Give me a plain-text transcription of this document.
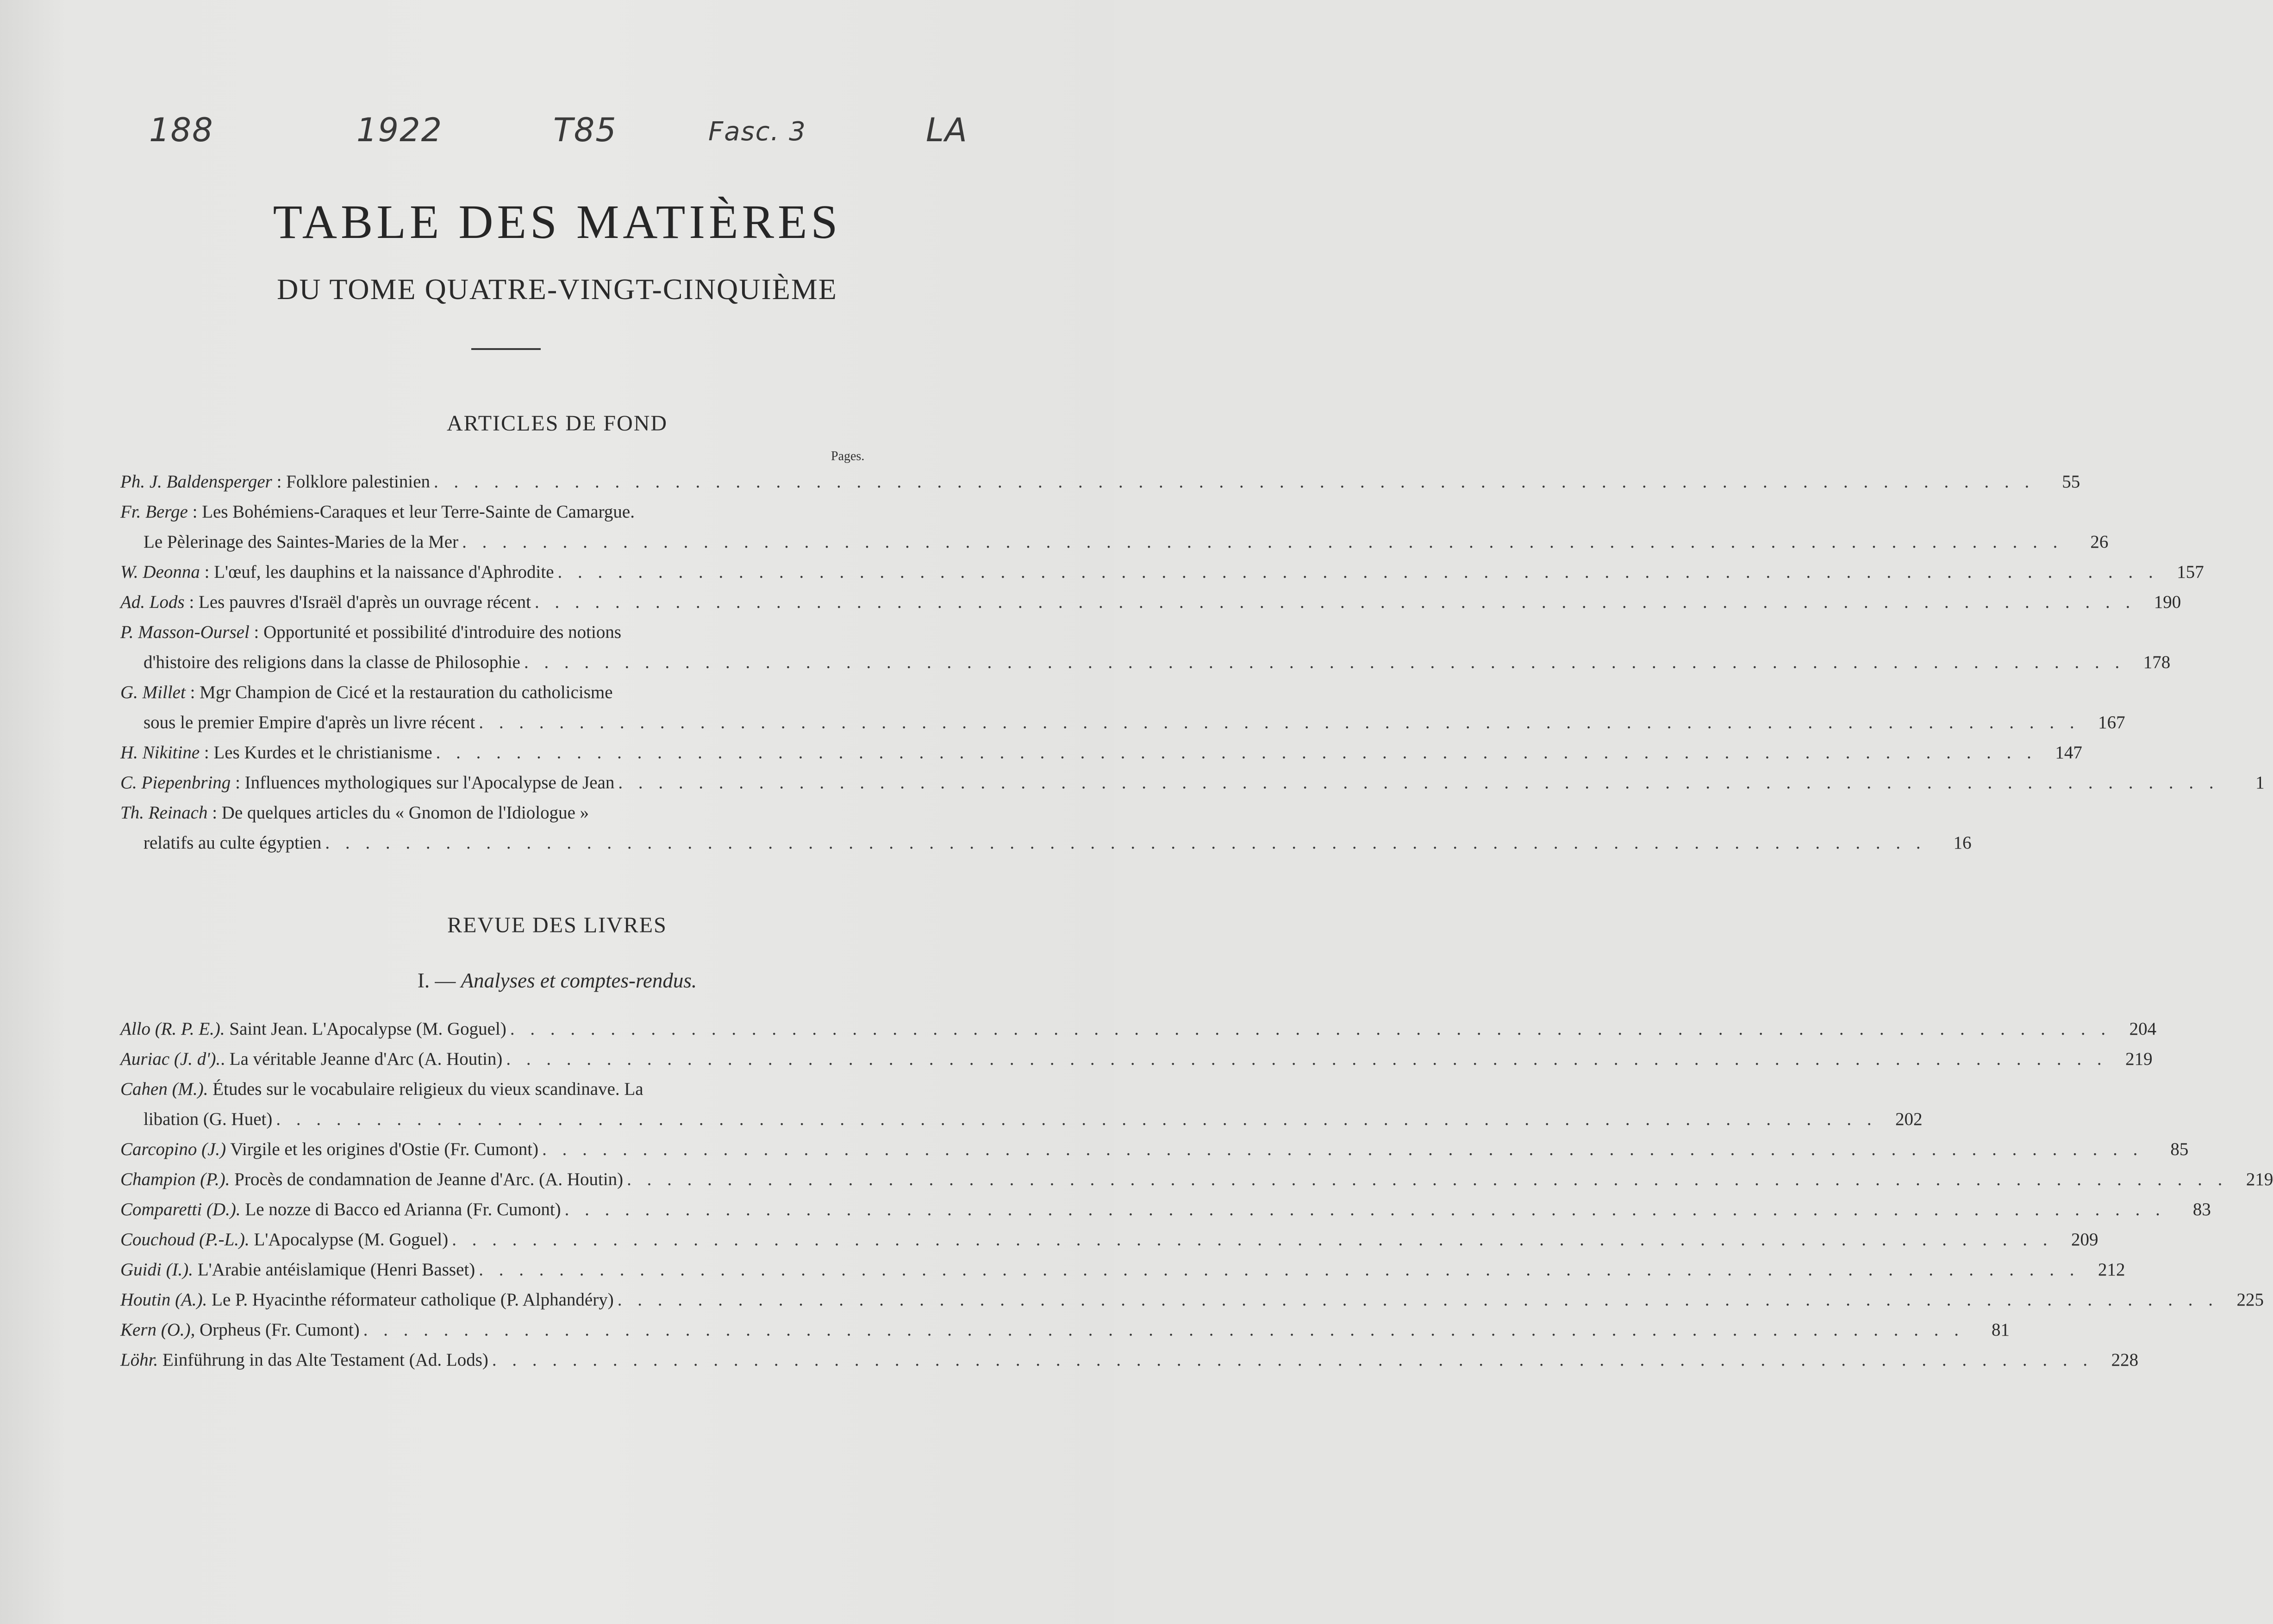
188	1922	T85	Fasc. 3	LA
TABLE DES MATIÈRES
DU TOME QUATRE-VINGT-CINQUIÈME
ARTICLES DE FOND
Pages.
Ph. J. Baldensperger : Folklore palestinien . . . . . . . . . . . . . . . . . . . . . . . . . . . . . . . . . . . . . . . . . . . . . . . . . . . . . . . . . . . . . . . . . . . . . . . . . . . . . . . .	55
Fr. Berge : Les Bohémiens-Caraques et leur Terre-Sainte de Camargue.
Le Pèlerinage des Saintes-Maries de la Mer . . . . . . . . . . . . . . . . . . . . . . . . . . . . . . . . . . . . . . . . . . . . . . . . . . . . . . . . . . . . . . . . . . . . . . . . . . . . . . . .	26
W. Deonna : L'œuf, les dauphins et la naissance d'Aphrodite . . . . . . . . . . . . . . . . . . . . . . . . . . . . . . . . . . . . . . . . . . . . . . . . . . . . . . . . . . . . . . . . . . . . . . . . . . . . . . . .	157
Ad. Lods : Les pauvres d'Israël d'après un ouvrage récent . . . . . . . . . . . . . . . . . . . . . . . . . . . . . . . . . . . . . . . . . . . . . . . . . . . . . . . . . . . . . . . . . . . . . . . . . . . . . . . .	190
P. Masson-Oursel : Opportunité et possibilité d'introduire des notions
d'histoire des religions dans la classe de Philosophie . . . . . . . . . . . . . . . . . . . . . . . . . . . . . . . . . . . . . . . . . . . . . . . . . . . . . . . . . . . . . . . . . . . . . . . . . . . . . . . .	178
G. Millet : Mgr Champion de Cicé et la restauration du catholicisme
sous le premier Empire d'après un livre récent . . . . . . . . . . . . . . . . . . . . . . . . . . . . . . . . . . . . . . . . . . . . . . . . . . . . . . . . . . . . . . . . . . . . . . . . . . . . . . . .	167
H. Nikitine : Les Kurdes et le christianisme . . . . . . . . . . . . . . . . . . . . . . . . . . . . . . . . . . . . . . . . . . . . . . . . . . . . . . . . . . . . . . . . . . . . . . . . . . . . . . . .	147
C. Piepenbring : Influences mythologiques sur l'Apocalypse de Jean . . . . . . . . . . . . . . . . . . . . . . . . . . . . . . . . . . . . . . . . . . . . . . . . . . . . . . . . . . . . . . . . . . . . . . . . . . . . . . . .	1
Th. Reinach : De quelques articles du « Gnomon de l'Idiologue »
relatifs au culte égyptien . . . . . . . . . . . . . . . . . . . . . . . . . . . . . . . . . . . . . . . . . . . . . . . . . . . . . . . . . . . . . . . . . . . . . . . . . . . . . . . .	16
REVUE DES LIVRES
I. — Analyses et comptes-rendus.
Allo (R. P. E.). Saint Jean. L'Apocalypse (M. Goguel) . . . . . . . . . . . . . . . . . . . . . . . . . . . . . . . . . . . . . . . . . . . . . . . . . . . . . . . . . . . . . . . . . . . . . . . . . . . . . . . .	204
Auriac (J. d'). . La véritable Jeanne d'Arc (A. Houtin) . . . . . . . . . . . . . . . . . . . . . . . . . . . . . . . . . . . . . . . . . . . . . . . . . . . . . . . . . . . . . . . . . . . . . . . . . . . . . . . .	219
Cahen (M.). Études sur le vocabulaire religieux du vieux scandinave. La
libation (G. Huet) . . . . . . . . . . . . . . . . . . . . . . . . . . . . . . . . . . . . . . . . . . . . . . . . . . . . . . . . . . . . . . . . . . . . . . . . . . . . . . . .	202
Carcopino (J.) Virgile et les origines d'Ostie (Fr. Cumont) . . . . . . . . . . . . . . . . . . . . . . . . . . . . . . . . . . . . . . . . . . . . . . . . . . . . . . . . . . . . . . . . . . . . . . . . . . . . . . . .	85
Champion (P.). Procès de condamnation de Jeanne d'Arc. (A. Houtin) . . . . . . . . . . . . . . . . . . . . . . . . . . . . . . . . . . . . . . . . . . . . . . . . . . . . . . . . . . . . . . . . . . . . . . . . . . . . . . . .	219
Comparetti (D.). Le nozze di Bacco ed Arianna (Fr. Cumont) . . . . . . . . . . . . . . . . . . . . . . . . . . . . . . . . . . . . . . . . . . . . . . . . . . . . . . . . . . . . . . . . . . . . . . . . . . . . . . . .	83
Couchoud (P.-L.). L'Apocalypse (M. Goguel) . . . . . . . . . . . . . . . . . . . . . . . . . . . . . . . . . . . . . . . . . . . . . . . . . . . . . . . . . . . . . . . . . . . . . . . . . . . . . . . .	209
Guidi (I.). L'Arabie antéislamique (Henri Basset) . . . . . . . . . . . . . . . . . . . . . . . . . . . . . . . . . . . . . . . . . . . . . . . . . . . . . . . . . . . . . . . . . . . . . . . . . . . . . . . .	212
Houtin (A.). Le P. Hyacinthe réformateur catholique (P. Alphandéry) . . . . . . . . . . . . . . . . . . . . . . . . . . . . . . . . . . . . . . . . . . . . . . . . . . . . . . . . . . . . . . . . . . . . . . . . . . . . . . . .	225
Kern (O.), Orpheus (Fr. Cumont) . . . . . . . . . . . . . . . . . . . . . . . . . . . . . . . . . . . . . . . . . . . . . . . . . . . . . . . . . . . . . . . . . . . . . . . . . . . . . . . .	81
Löhr. Einführung in das Alte Testament (Ad. Lods) . . . . . . . . . . . . . . . . . . . . . . . . . . . . . . . . . . . . . . . . . . . . . . . . . . . . . . . . . . . . . . . . . . . . . . . . . . . . . . . .	228
